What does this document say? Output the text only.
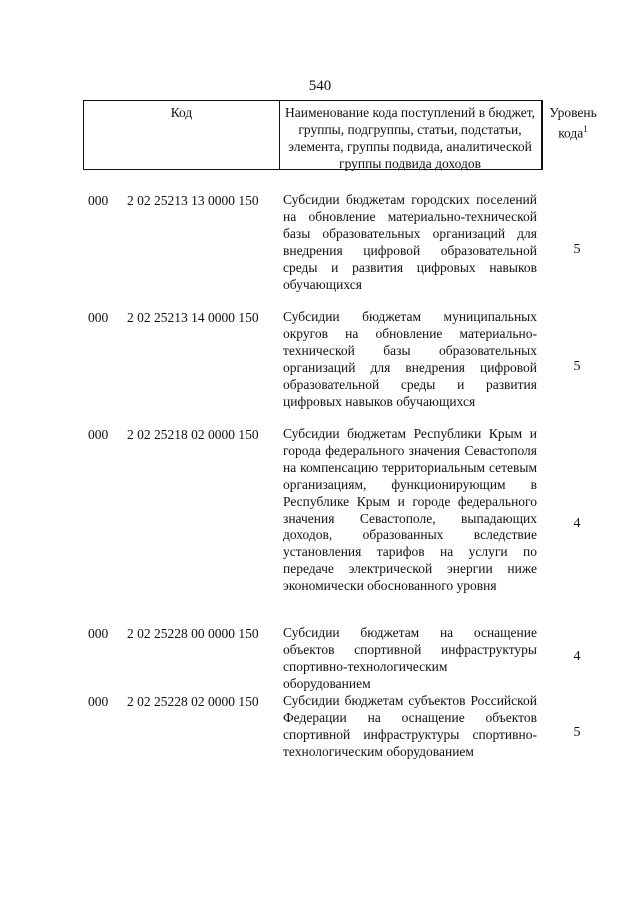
540
Код	Наименование кода поступлений в бюджет, группы, подгруппы, статьи, подстатьи, элемента, группы подвида, аналитической группы подвида доходов
Уровень кода$^1$
000 2 02 25213 13 0000 150 Субсидии бюджетам городских поселений на обновление материально-технической базы образовательных организаций для внедрения цифровой образовательной среды и развития цифровых навыков обучающихся
5
000 2 02 25213 14 0000 150 Субсидии бюджетам муниципальных округов на обновление материально-технической базы образовательных организаций для внедрения цифровой образовательной среды и развития цифровых навыков обучающихся
5
000 2 02 25218 02 0000 150 Субсидии бюджетам Республики Крым и города федерального значения Севастополя на компенсацию территориальным сетевым организациям, функционирующим в Республике Крым и городе федерального значения Севастополе, выпадающих доходов, образованных вследствие установления тарифов на услуги по передаче электрической энергии ниже экономически обоснованного уровня
4
000 2 02 25228 00 0000 150 Субсидии бюджетам на оснащение объектов спортивной инфраструктуры спортивно-технологическим оборудованием
4
000 2 02 25228 02 0000 150 Субсидии бюджетам субъектов Российской Федерации на оснащение объектов спортивной инфраструктуры спортивно-технологическим оборудованием
5
